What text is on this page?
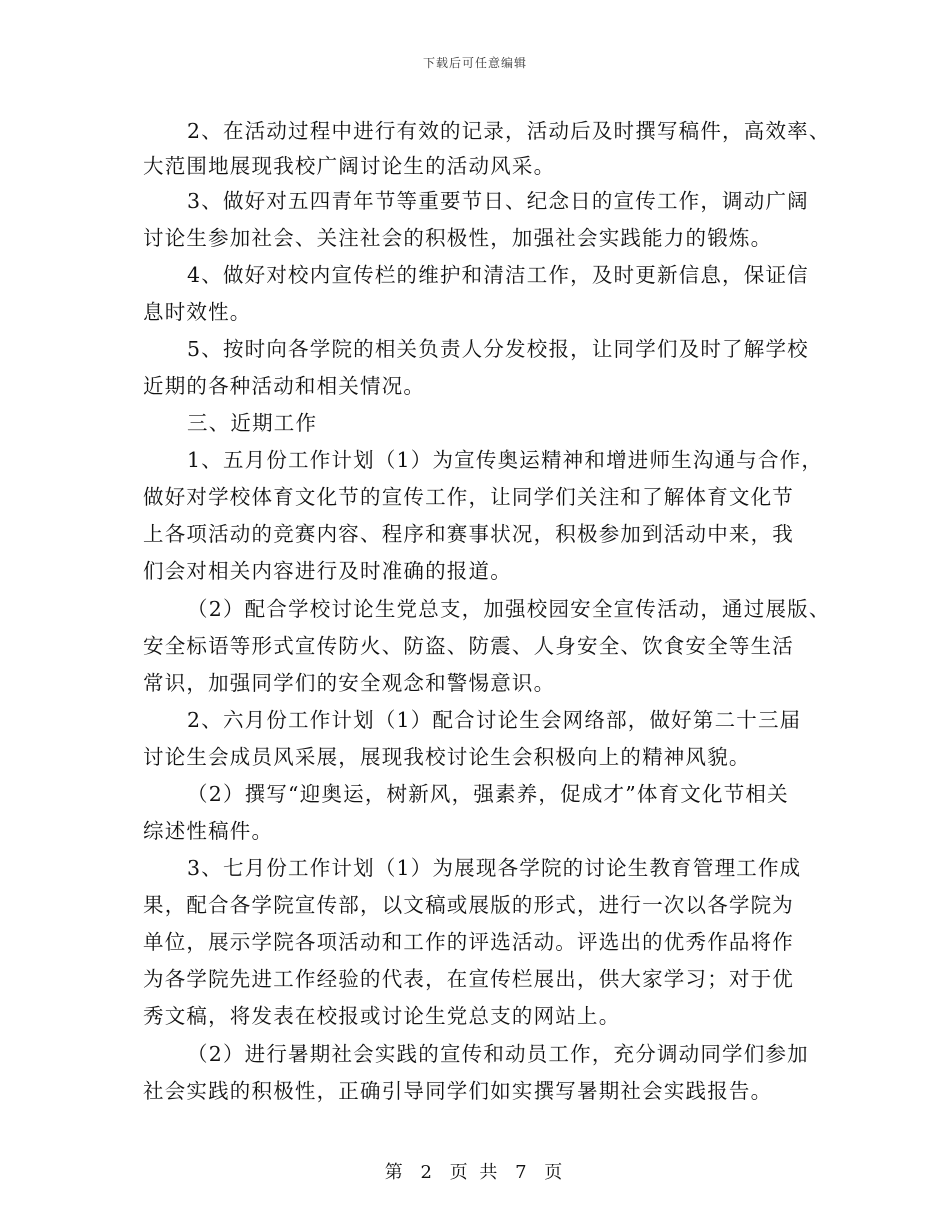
下载后可任意编辑
2、在活动过程中进行有效的记录，活动后及时撰写稿件，高效率、
大范围地展现我校广阔讨论生的活动风采。
3、做好对五四青年节等重要节日、纪念日的宣传工作，调动广阔
讨论生参加社会、关注社会的积极性，加强社会实践能力的锻炼。
4、做好对校内宣传栏的维护和清洁工作，及时更新信息，保证信
息时效性。
5、按时向各学院的相关负责人分发校报，让同学们及时了解学校
近期的各种活动和相关情况。
三、近期工作
1、五月份工作计划（1）为宣传奥运精神和增进师生沟通与合作，
做好对学校体育文化节的宣传工作，让同学们关注和了解体育文化节
上各项活动的竞赛内容、程序和赛事状况，积极参加到活动中来，我
们会对相关内容进行及时准确的报道。
（2）配合学校讨论生党总支，加强校园安全宣传活动，通过展版、
安全标语等形式宣传防火、防盗、防震、人身安全、饮食安全等生活
常识，加强同学们的安全观念和警惕意识。
2、六月份工作计划（1）配合讨论生会网络部，做好第二十三届
讨论生会成员风采展，展现我校讨论生会积极向上的精神风貌。
（2）撰写“迎奥运，树新风，强素养，促成才”体育文化节相关
综述性稿件。
3、七月份工作计划（1）为展现各学院的讨论生教育管理工作成
果，配合各学院宣传部，以文稿或展版的形式，进行一次以各学院为
单位，展示学院各项活动和工作的评选活动。评选出的优秀作品将作
为各学院先进工作经验的代表，在宣传栏展出，供大家学习；对于优
秀文稿，将发表在校报或讨论生党总支的网站上。
（2）进行暑期社会实践的宣传和动员工作，充分调动同学们参加
社会实践的积极性，正确引导同学们如实撰写暑期社会实践报告。
第 2 页 共 7 页
